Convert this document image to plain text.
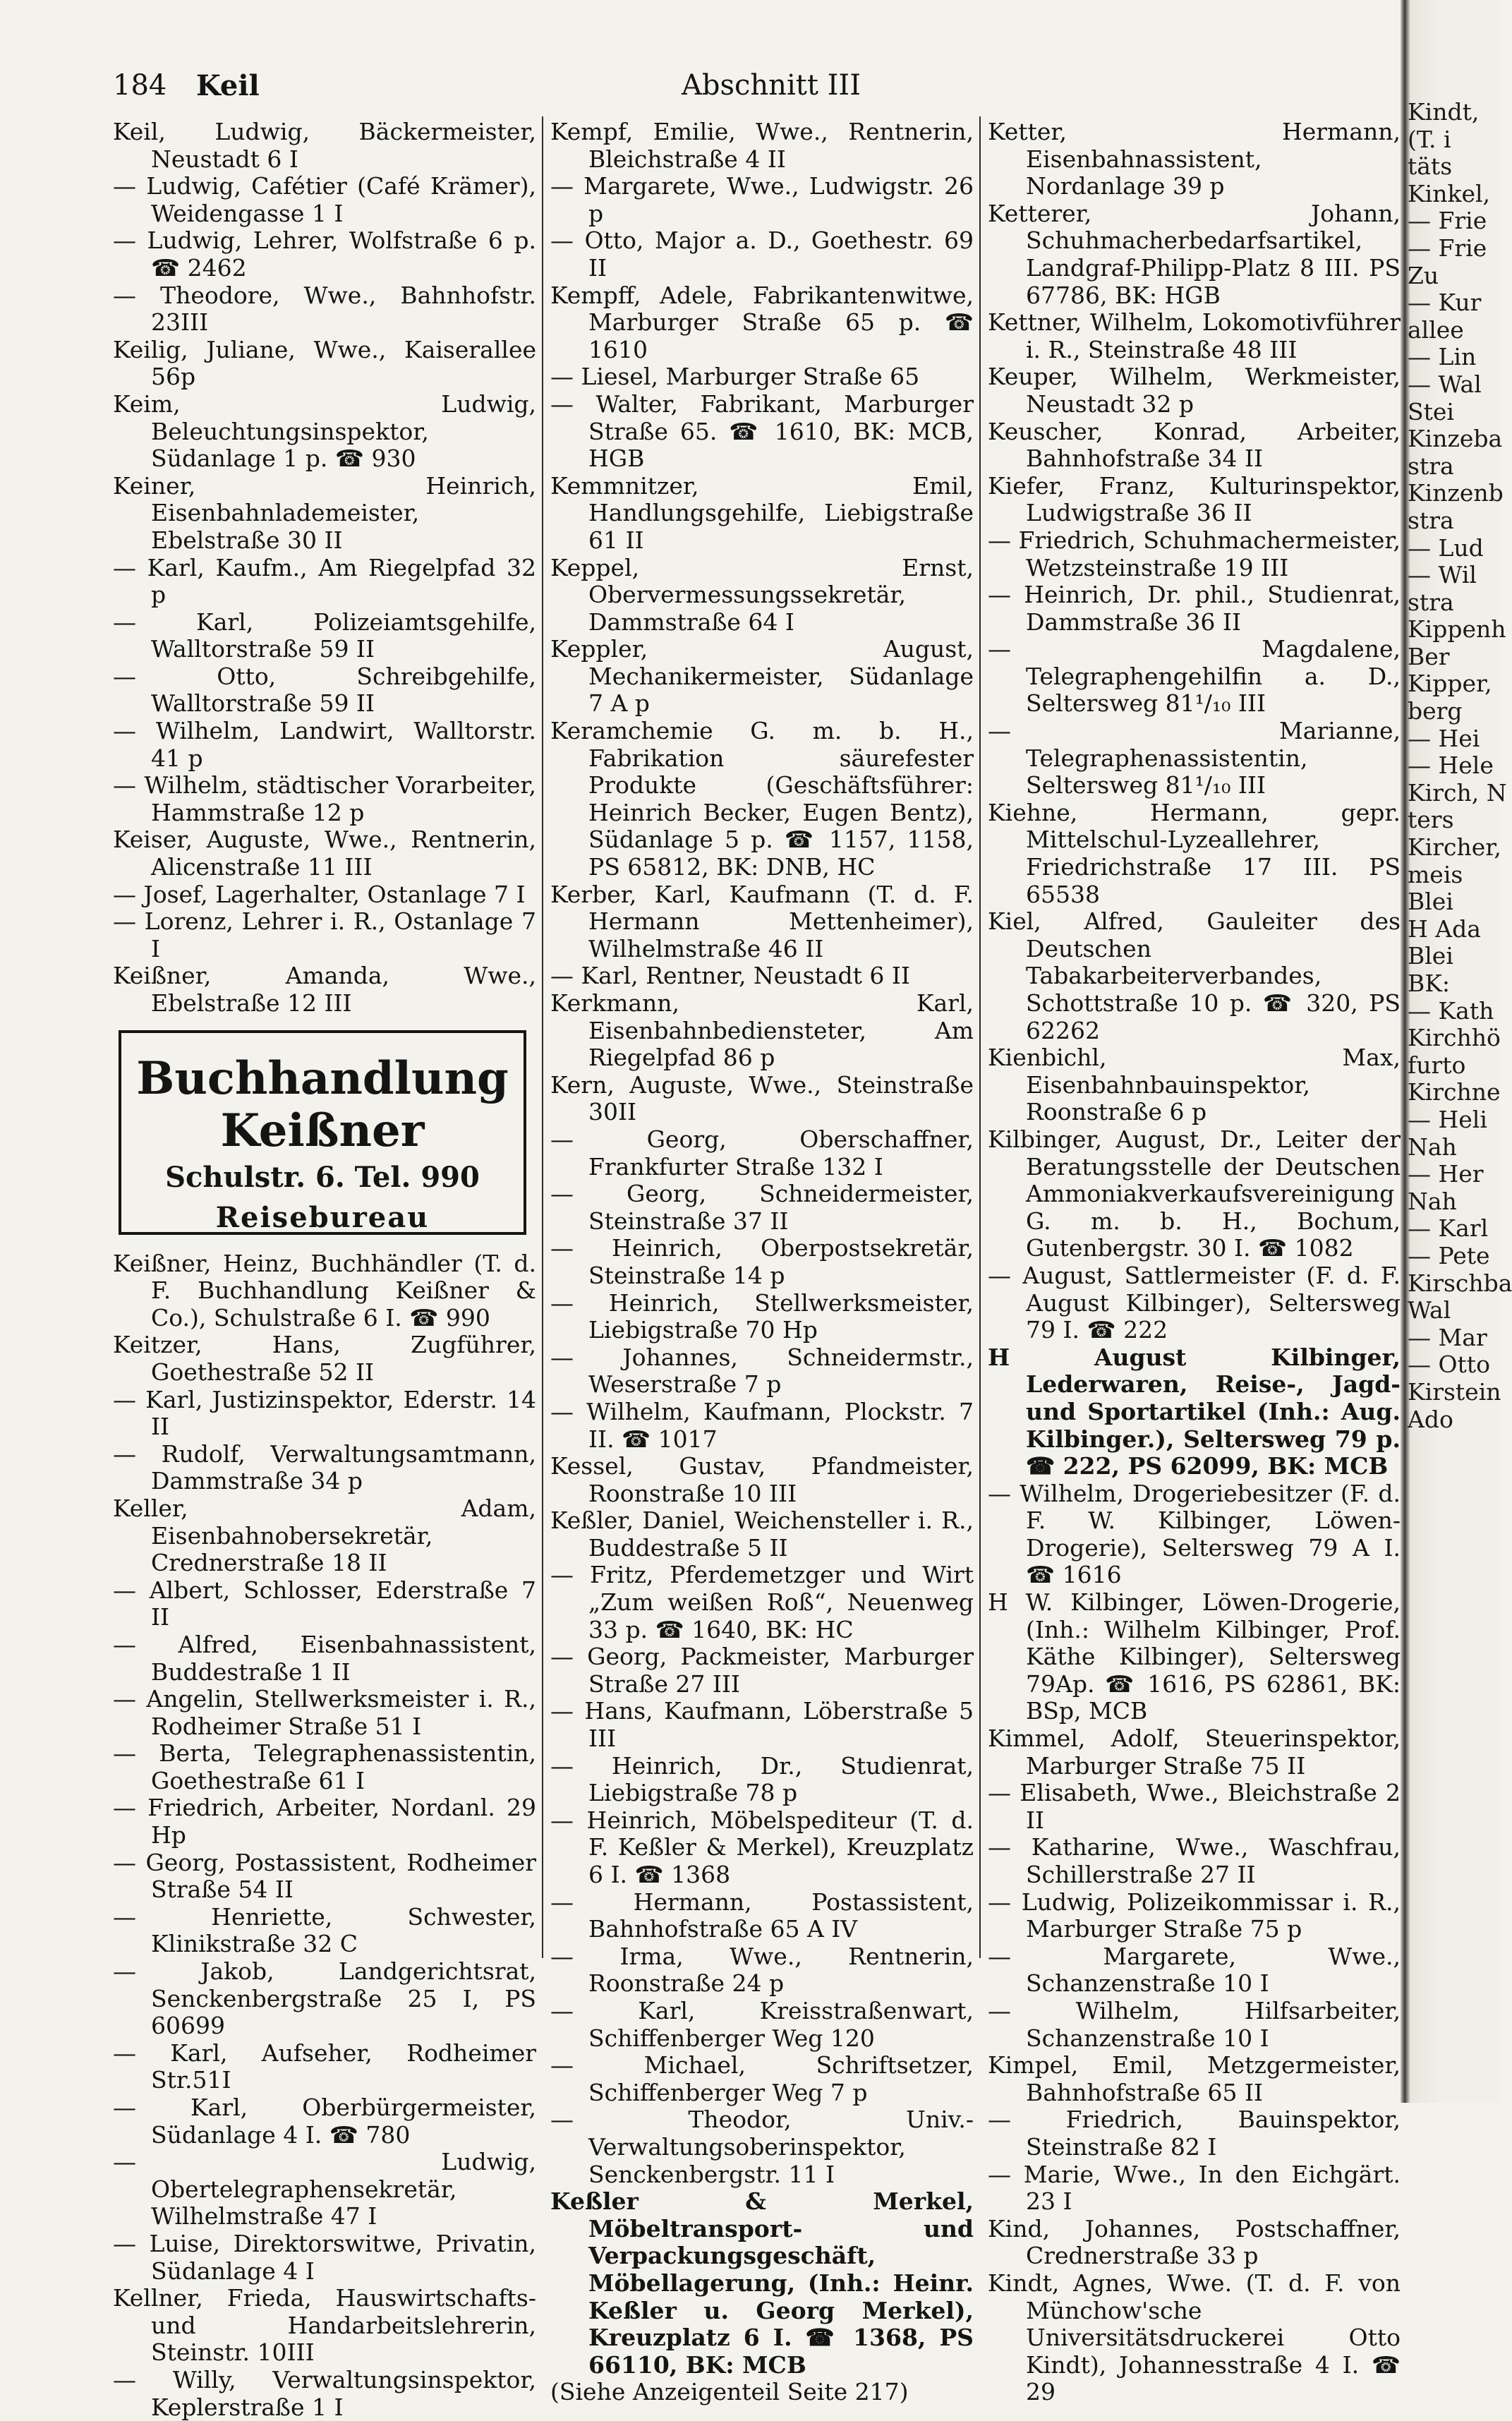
184 Keil	Abschnitt III

Keil, Ludwig, Bäckermeister, Neustadt 6 I

— Ludwig, Cafétier (Café Krämer), Weidengasse 1 I

— Ludwig, Lehrer, Wolfstraße 6 p. ☎ 2462

— Theodore, Wwe., Bahnhofstr. 23III

Keilig, Juliane, Wwe., Kaiserallee 56p

Keim, Ludwig, Beleuchtungsinspektor, Südanlage 1 p. ☎ 930

Keiner, Heinrich, Eisenbahnlademeister, Ebelstraße 30 II

— Karl, Kaufm., Am Riegelpfad 32 p

— Karl, Polizeiamtsgehilfe, Walltorstraße 59 II

— Otto, Schreibgehilfe, Walltorstraße 59 II

— Wilhelm, Landwirt, Walltorstr. 41 p

— Wilhelm, städtischer Vorarbeiter, Hammstraße 12 p

Keiser, Auguste, Wwe., Rentnerin, Alicenstraße 11 III

— Josef, Lagerhalter, Ostanlage 7 I

— Lorenz, Lehrer i. R., Ostanlage 7 I

Keißner, Amanda, Wwe., Ebelstraße 12 III

Buchhandlung
Keißner
Schulstr. 6. Tel. 990
Reisebureau

Keißner, Heinz, Buchhändler (T. d. F. Buchhandlung Keißner & Co.), Schulstraße 6 I. ☎ 990

Keitzer, Hans, Zugführer, Goethestraße 52 II

— Karl, Justizinspektor, Ederstr. 14 II

— Rudolf, Verwaltungsamtmann, Dammstraße 34 p

Keller, Adam, Eisenbahnobersekretär, Crednerstraße 18 II

— Albert, Schlosser, Ederstraße 7 II

— Alfred, Eisenbahnassistent, Buddestraße 1 II

— Angelin, Stellwerksmeister i. R., Rodheimer Straße 51 I

— Berta, Telegraphenassistentin, Goethestraße 61 I

— Friedrich, Arbeiter, Nordanl. 29 Hp

— Georg, Postassistent, Rodheimer Straße 54 II

— Henriette, Schwester, Klinikstraße 32 C

— Jakob, Landgerichtsrat, Senckenbergstraße 25 I, PS 60699

— Karl, Aufseher, Rodheimer Str.51I

— Karl, Oberbürgermeister, Südanlage 4 I. ☎ 780

— Ludwig, Obertelegraphensekretär, Wilhelmstraße 47 I

— Luise, Direktorswitwe, Privatin, Südanlage 4 I

Kellner, Frieda, Hauswirtschafts- und Handarbeitslehrerin, Steinstr. 10III

— Willy, Verwaltungsinspektor, Keplerstraße 1 I

Kempf, Emilie, Wwe., Rentnerin, Bleichstraße 4 II

— Margarete, Wwe., Ludwigstr. 26 p

— Otto, Major a. D., Goethestr. 69 II

Kempff, Adele, Fabrikantenwitwe, Marburger Straße 65 p. ☎ 1610

— Liesel, Marburger Straße 65

— Walter, Fabrikant, Marburger Straße 65. ☎ 1610, BK: MCB, HGB

Kemmnitzer, Emil, Handlungsgehilfe, Liebigstraße 61 II

Keppel, Ernst, Obervermessungssekretär, Dammstraße 64 I

Keppler, August, Mechanikermeister, Südanlage 7 A p

Keramchemie G. m. b. H., Fabrikation säurefester Produkte (Geschäftsführer: Heinrich Becker, Eugen Bentz), Südanlage 5 p. ☎ 1157, 1158, PS 65812, BK: DNB, HC

Kerber, Karl, Kaufmann (T. d. F. Hermann Mettenheimer), Wilhelmstraße 46 II

— Karl, Rentner, Neustadt 6 II

Kerkmann, Karl, Eisenbahnbediensteter, Am Riegelpfad 86 p

Kern, Auguste, Wwe., Steinstraße 30II

— Georg, Oberschaffner, Frankfurter Straße 132 I

— Georg, Schneidermeister, Steinstraße 37 II

— Heinrich, Oberpostsekretär, Steinstraße 14 p

— Heinrich, Stellwerksmeister, Liebigstraße 70 Hp

— Johannes, Schneidermstr., Weserstraße 7 p

— Wilhelm, Kaufmann, Plockstr. 7 II. ☎ 1017

Kessel, Gustav, Pfandmeister, Roonstraße 10 III

Keßler, Daniel, Weichensteller i. R., Buddestraße 5 II

— Fritz, Pferdemetzger und Wirt „Zum weißen Roß“, Neuenweg 33 p. ☎ 1640, BK: HC

— Georg, Packmeister, Marburger Straße 27 III

— Hans, Kaufmann, Löberstraße 5 III

— Heinrich, Dr., Studienrat, Liebigstraße 78 p

— Heinrich, Möbelspediteur (T. d. F. Keßler & Merkel), Kreuzplatz 6 I. ☎ 1368

— Hermann, Postassistent, Bahnhofstraße 65 A IV

— Irma, Wwe., Rentnerin, Roonstraße 24 p

— Karl, Kreisstraßenwart, Schiffenberger Weg 120

— Michael, Schriftsetzer, Schiffenberger Weg 7 p

— Theodor, Univ.-Verwaltungsoberinspektor, Senckenbergstr. 11 I

Keßler & Merkel, Möbeltransport- und Verpackungsgeschäft, Möbellagerung, (Inh.: Heinr. Keßler u. Georg Merkel), Kreuzplatz 6 I. ☎ 1368, PS 66110, BK: MCB

(Siehe Anzeigenteil Seite 217)

Ketter, Hermann, Eisenbahnassistent, Nordanlage 39 p

Ketterer, Johann, Schuhmacherbedarfsartikel, Landgraf-Philipp-Platz 8 III. PS 67786, BK: HGB

Kettner, Wilhelm, Lokomotivführer i. R., Steinstraße 48 III

Keuper, Wilhelm, Werkmeister, Neustadt 32 p

Keuscher, Konrad, Arbeiter, Bahnhofstraße 34 II

Kiefer, Franz, Kulturinspektor, Ludwigstraße 36 II

— Friedrich, Schuhmachermeister, Wetzsteinstraße 19 III

— Heinrich, Dr. phil., Studienrat, Dammstraße 36 II

— Magdalene, Telegraphengehilfin a. D., Seltersweg 81¹/₁₀ III

— Marianne, Telegraphenassistentin, Seltersweg 81¹/₁₀ III

Kiehne, Hermann, gepr. Mittelschul-Lyzeallehrer, Friedrichstraße 17 III. PS 65538

Kiel, Alfred, Gauleiter des Deutschen Tabakarbeiterverbandes, Schottstraße 10 p. ☎ 320, PS 62262

Kienbichl, Max, Eisenbahnbauinspektor, Roonstraße 6 p

Kilbinger, August, Dr., Leiter der Beratungsstelle der Deutschen Ammoniakverkaufsvereinigung G. m. b. H., Bochum, Gutenbergstr. 30 I. ☎ 1082

— August, Sattlermeister (F. d. F. August Kilbinger), Seltersweg 79 I. ☎ 222

H August Kilbinger, Lederwaren, Reise-, Jagd- und Sportartikel (Inh.: Aug. Kilbinger.), Seltersweg 79 p. ☎ 222, PS 62099, BK: MCB

— Wilhelm, Drogeriebesitzer (F. d. F. W. Kilbinger, Löwen-Drogerie), Seltersweg 79 A I. ☎ 1616

H W. Kilbinger, Löwen-Drogerie, (Inh.: Wilhelm Kilbinger, Prof. Käthe Kilbinger), Seltersweg 79Ap. ☎ 1616, PS 62861, BK: BSp, MCB

Kimmel, Adolf, Steuerinspektor, Marburger Straße 75 II

— Elisabeth, Wwe., Bleichstraße 2 II

— Katharine, Wwe., Waschfrau, Schillerstraße 27 II

— Ludwig, Polizeikommissar i. R., Marburger Straße 75 p

— Margarete, Wwe., Schanzenstraße 10 I

— Wilhelm, Hilfsarbeiter, Schanzenstraße 10 I

Kimpel, Emil, Metzgermeister, Bahnhofstraße 65 II

— Friedrich, Bauinspektor, Steinstraße 82 I

— Marie, Wwe., In den Eichgärt. 23 I

Kind, Johannes, Postschaffner, Crednerstraße 33 p

Kindt, Agnes, Wwe. (T. d. F. von Münchow'sche Universitätsdruckerei Otto Kindt), Johannesstraße 4 I. ☎ 29

Kindt,
(T. i
täts
Kinkel,
— Frie
— Frie
Zu
— Kur
allee
— Lin
— Wal
Stei
Kinzeba
stra
Kinzenb
stra
— Lud
— Wil
stra
Kippenh
Ber
Kipper,
berg
— Hei
— Hele
Kirch, N
ters
Kircher,
meis
Blei
H Ada
Blei
BK:
— Kath
Kirchhö
furto
Kirchne
— Heli
Nah
— Her
Nah
— Karl
— Pete
Kirschba
Wal
— Mar
— Otto
Kirstein
Ado
